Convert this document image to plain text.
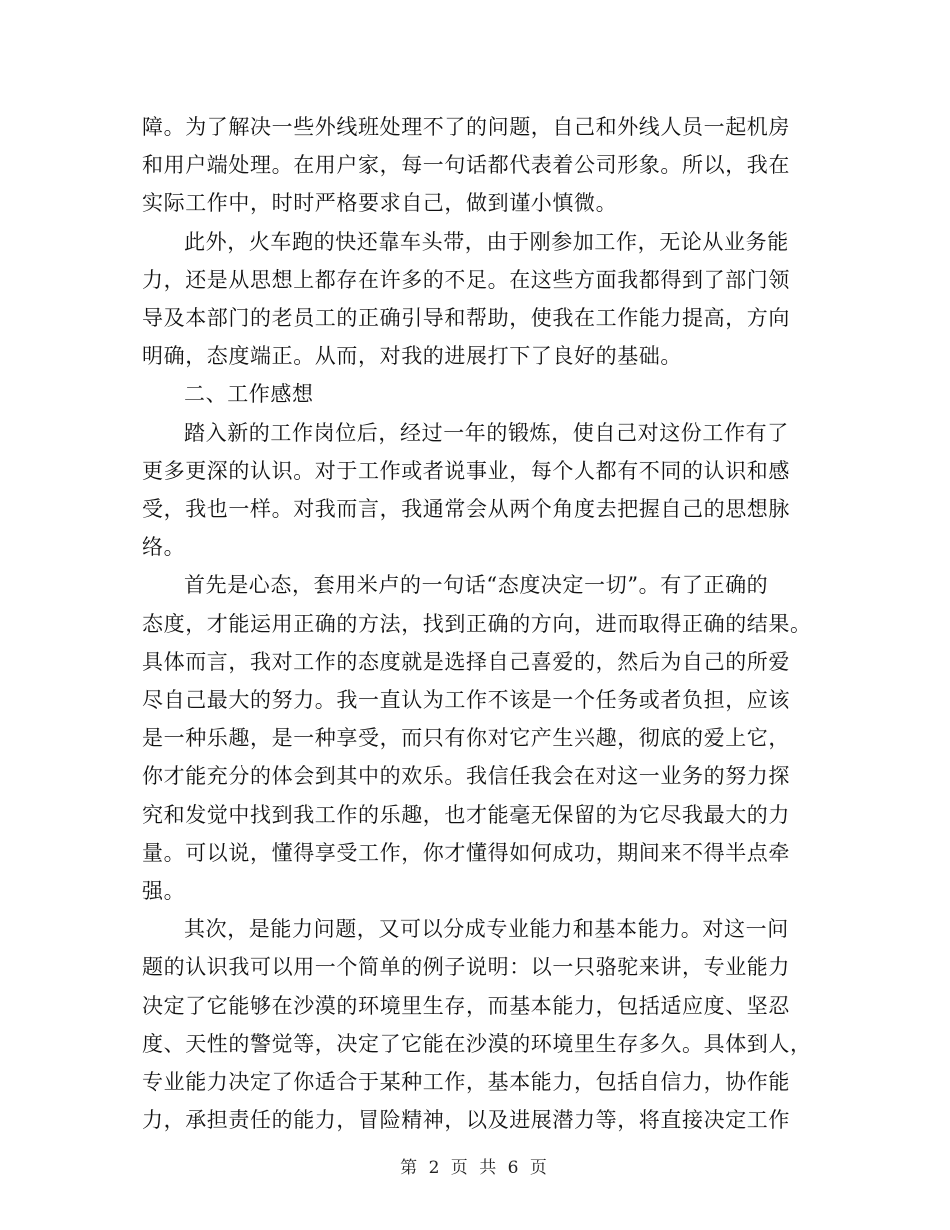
障。为了解决一些外线班处理不了的问题，自己和外线人员一起机房
和用户端处理。在用户家，每一句话都代表着公司形象。所以，我在
实际工作中，时时严格要求自己，做到谨小慎微。

此外，火车跑的快还靠车头带，由于刚参加工作，无论从业务能
力，还是从思想上都存在许多的不足。在这些方面我都得到了部门领
导及本部门的老员工的正确引导和帮助，使我在工作能力提高，方向
明确，态度端正。从而，对我的进展打下了良好的基础。

二、工作感想

踏入新的工作岗位后，经过一年的锻炼，使自己对这份工作有了
更多更深的认识。对于工作或者说事业，每个人都有不同的认识和感
受，我也一样。对我而言，我通常会从两个角度去把握自己的思想脉
络。

首先是心态，套用米卢的一句话“态度决定一切”。有了正确的
态度，才能运用正确的方法，找到正确的方向，进而取得正确的结果。
具体而言，我对工作的态度就是选择自己喜爱的，然后为自己的所爱
尽自己最大的努力。我一直认为工作不该是一个任务或者负担，应该
是一种乐趣，是一种享受，而只有你对它产生兴趣，彻底的爱上它，
你才能充分的体会到其中的欢乐。我信任我会在对这一业务的努力探
究和发觉中找到我工作的乐趣，也才能毫无保留的为它尽我最大的力
量。可以说，懂得享受工作，你才懂得如何成功，期间来不得半点牵
强。

其次，是能力问题，又可以分成专业能力和基本能力。对这一问
题的认识我可以用一个简单的例子说明：以一只骆驼来讲，专业能力
决定了它能够在沙漠的环境里生存，而基本能力，包括适应度、坚忍
度、天性的警觉等，决定了它能在沙漠的环境里生存多久。具体到人，
专业能力决定了你适合于某种工作，基本能力，包括自信力，协作能
力，承担责任的能力，冒险精神，以及进展潜力等，将直接决定工作

第 2 页 共 6 页
